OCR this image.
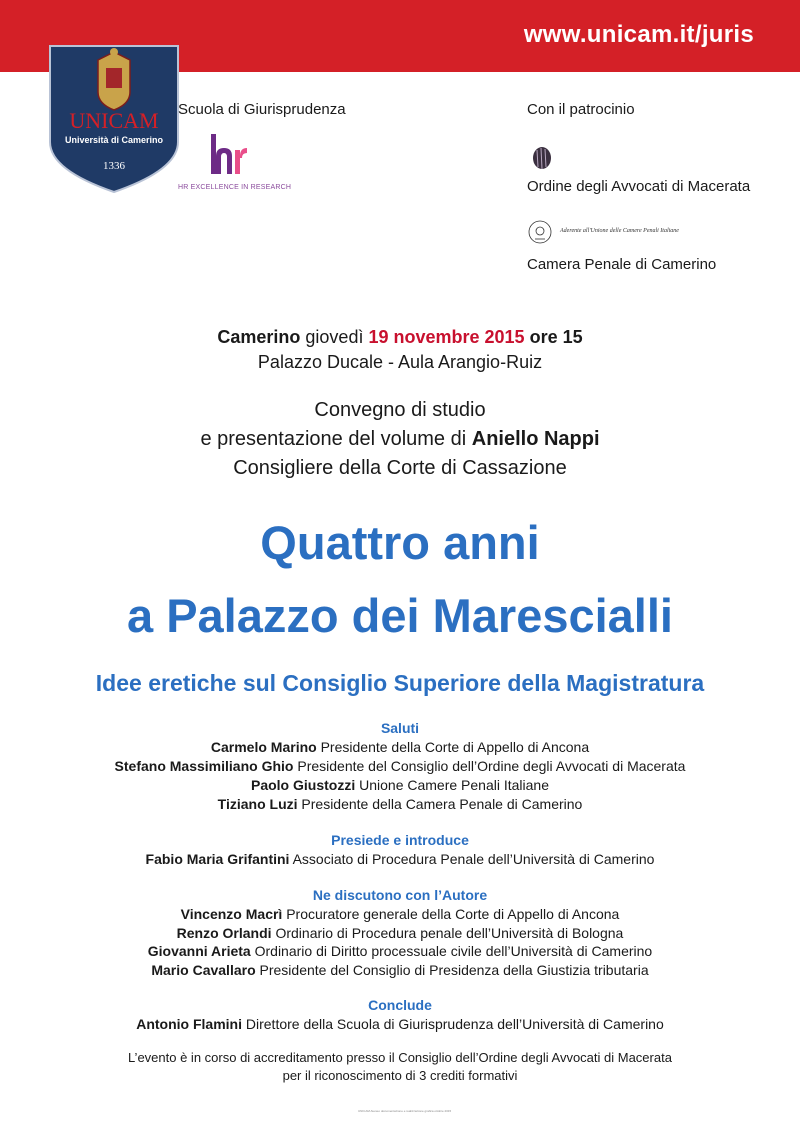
www.unicam.it/juris
UNICAM
Università di Camerino
1336
Scuola di Giurisprudenza
HR EXCELLENCE IN RESEARCH
Con il patrocinio
Ordine degli Avvocati di Macerata
Aderente all'Unione delle Camere Penali Italiane
Camera Penale di Camerino
Camerino giovedì 19 novembre 2015 ore 15
Palazzo Ducale - Aula Arangio-Ruiz
Convegno di studio
e presentazione del volume di Aniello Nappi
Consigliere della Corte di Cassazione
Quattro anni
a Palazzo dei Marescialli
Idee eretiche sul Consiglio Superiore della Magistratura
Saluti
Carmelo Marino Presidente della Corte di Appello di Ancona
Stefano Massimiliano Ghio Presidente del Consiglio dell’Ordine degli Avvocati di Macerata
Paolo Giustozzi Unione Camere Penali Italiane
Tiziano Luzi Presidente della Camera Penale di Camerino
Presiede e introduce
Fabio Maria Grifantini Associato di Procedura Penale dell’Università di Camerino
Ne discutono con l’Autore
Vincenzo Macrì Procuratore generale della Corte di Appello di Ancona
Renzo Orlandi Ordinario di Procedura penale dell’Università di Bologna
Giovanni Arieta Ordinario di Diritto processuale civile dell’Università di Camerino
Mario Cavallaro Presidente del Consiglio di Presidenza della Giustizia tributaria
Conclude
Antonio Flamini Direttore della Scuola di Giurisprudenza dell’Università di Camerino
L’evento è in corso di accreditamento presso il Consiglio dell’Ordine degli Avvocati di Macerata
per il riconoscimento di 3 crediti formativi
UNICAM Ateneo documentazione e realizzazione grafica ottobre 2015
